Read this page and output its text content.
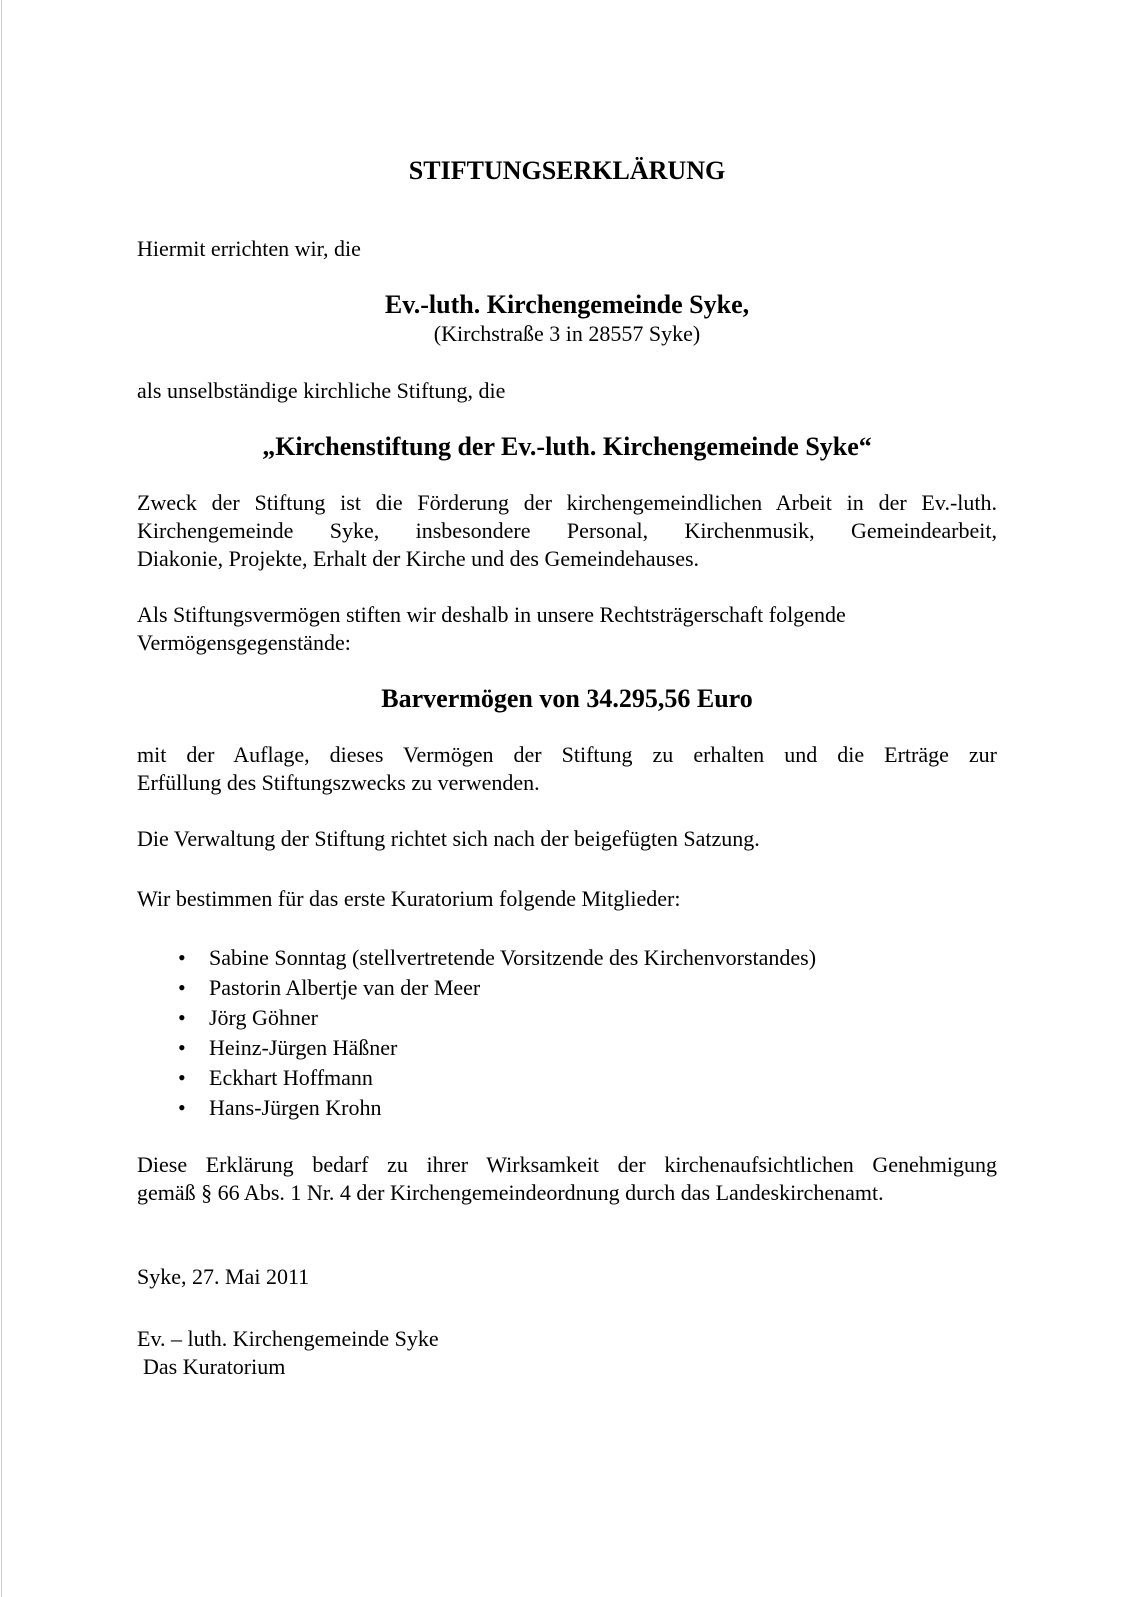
STIFTUNGSERKLÄRUNG

Hiermit errichten wir, die

Ev.-luth. Kirchengemeinde Syke,
(Kirchstraße 3 in 28557 Syke)

als unselbständige kirchliche Stiftung, die

„Kirchenstiftung der Ev.-luth. Kirchengemeinde Syke“
Zweck der Stiftung ist die Förderung der kirchengemeindlichen Arbeit in der Ev.-luth.
Kirchengemeinde Syke, insbesondere Personal, Kirchenmusik, Gemeindearbeit,
Diakonie, Projekte, Erhalt der Kirche und des Gemeindehauses.

Als Stiftungsvermögen stiften wir deshalb in unsere Rechtsträgerschaft folgende Vermögensgegenstände:

Barvermögen von 34.295,56 Euro
mit der Auflage, dieses Vermögen der Stiftung zu erhalten und die Erträge zur
Erfüllung des Stiftungszwecks zu verwenden.

Die Verwaltung der Stiftung richtet sich nach der beigefügten Satzung.

Wir bestimmen für das erste Kuratorium folgende Mitglieder:

• Sabine Sonntag (stellvertretende Vorsitzende des Kirchenvorstandes)
• Pastorin Albertje van der Meer
• Jörg Göhner
• Heinz-Jürgen Häßner
• Eckhart Hoffmann
• Hans-Jürgen Krohn
Diese Erklärung bedarf zu ihrer Wirksamkeit der kirchenaufsichtlichen Genehmigung
gemäß § 66 Abs. 1 Nr. 4 der Kirchengemeindeordnung durch das Landeskirchenamt.

Syke, 27. Mai 2011

Ev. – luth. Kirchengemeinde Syke

Das Kuratorium
